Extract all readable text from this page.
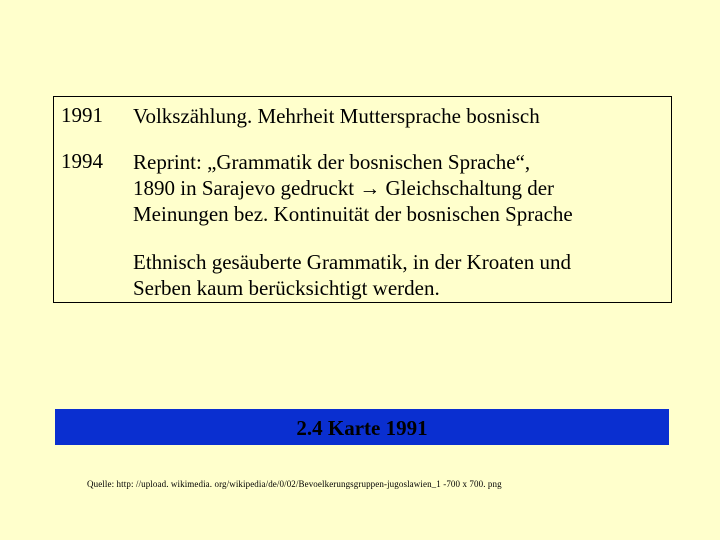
1991 Volkszählung. Mehrheit Muttersprache bosnisch
1994 Reprint: „Grammatik der bosnischen Sprache“,
1890 in Sarajevo gedruckt → Gleichschaltung der
Meinungen bez. Kontinuität der bosnischen Sprache
Ethnisch gesäuberte Grammatik, in der Kroaten und
Serben kaum berücksichtigt werden.
2.4 Karte 1991
Quelle: http: //upload. wikimedia. org/wikipedia/de/0/02/Bevoelkerungsgruppen-jugoslawien_1 -700 x 700. png
